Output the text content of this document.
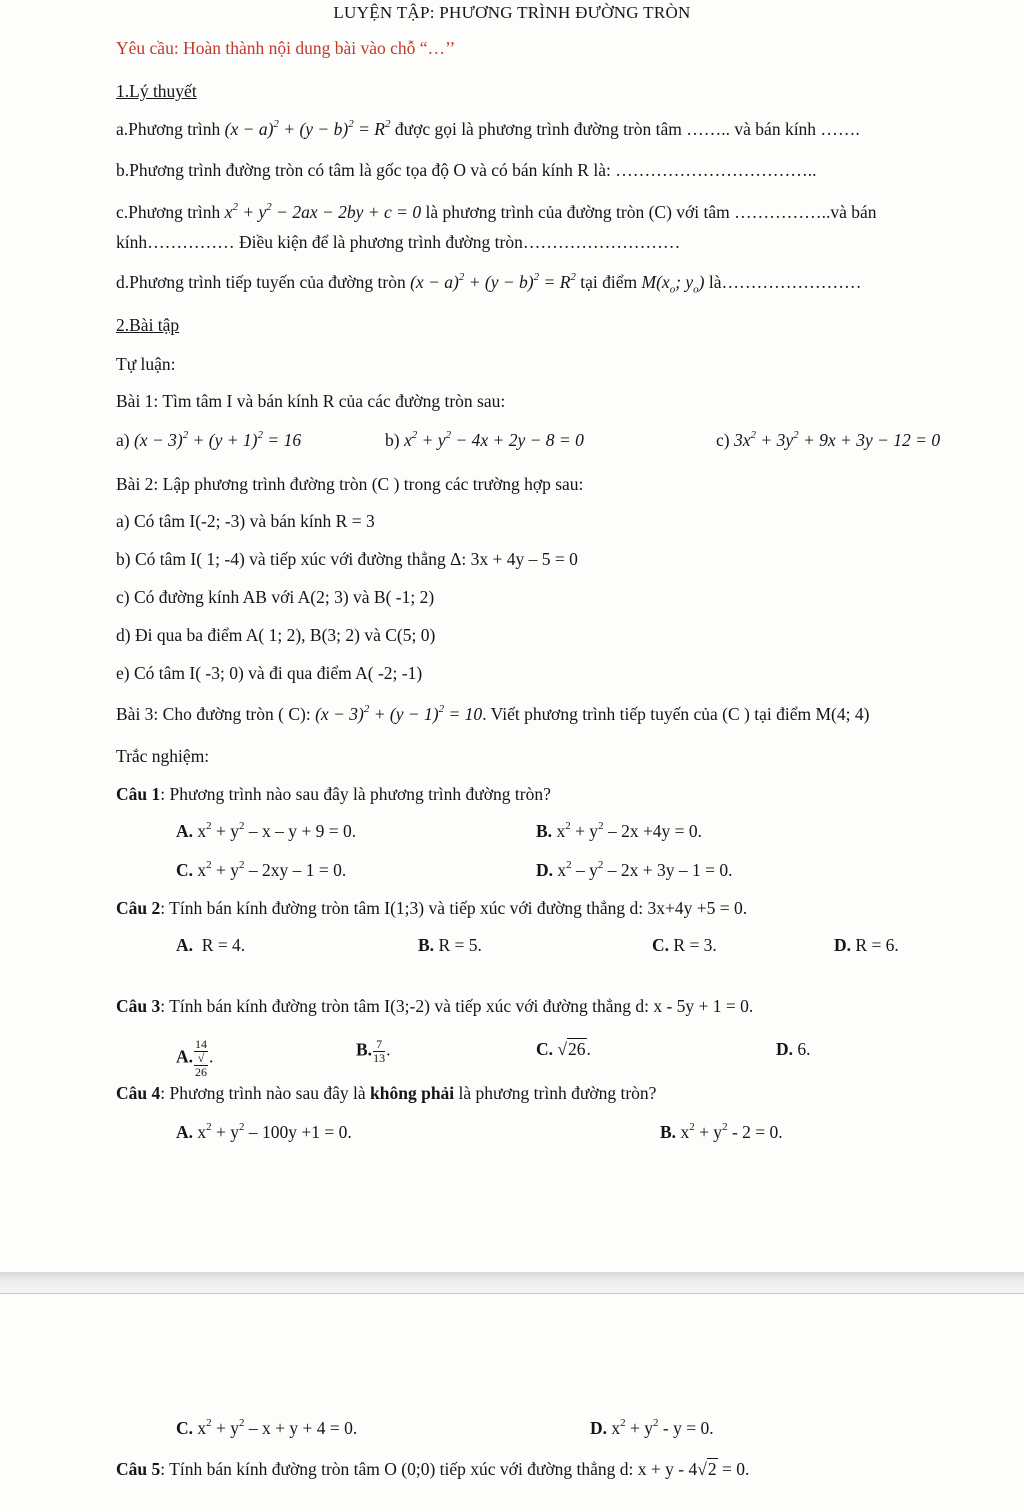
LUYỆN TẬP: PHƯƠNG TRÌNH ĐƯỜNG TRÒN
Yêu cầu: Hoàn thành nội dung bài vào chỗ “…’’
1.Lý thuyết
a.Phương trình $(x - a)^2 + (y - b)^2 = R^2$ được gọi là phương trình đường tròn tâm …….. và bán kính …….
b.Phương trình đường tròn có tâm là gốc tọa độ O và có bán kính R là: ……………………………..
c.Phương trình $x^2 + y^2 - 2ax - 2by + c = 0$ là phương trình của đường tròn (C) với tâm ……………..và bán
kính…………… Điều kiện để là phương trình đường tròn………………………
d.Phương trình tiếp tuyến của đường tròn $(x - a)^2 + (y - b)^2 = R^2$ tại điểm $M(x_o$; $y_o$) là……………………
2.Bài tập
Tự luận:
Bài 1: Tìm tâm I và bán kính R của các đường tròn sau:
a) $(x - 3)^2 + (y + 1)^2 = 16$	b) $x^2 + y^2 - 4x + 2y - 8 = 0$	c) $3x^2 + 3y^2 + 9x + 3y - 12 = 0$
Bài 2: Lập phương trình đường tròn (C ) trong các trường hợp sau:
a) Có tâm I(-2; -3) và bán kính R = 3
b) Có tâm I( 1; -4) và tiếp xúc với đường thẳng Δ: 3x + 4y – 5 = 0
c) Có đường kính AB với A(2; 3) và B( -1; 2)
d) Đi qua ba điểm A( 1; 2), B(3; 2) và C(5; 0)
e) Có tâm I( -3; 0) và đi qua điểm A( -2; -1)
Bài 3: Cho đường tròn ( C): $(x - 3)^2 + (y - 1)^2 = 10$. Viết phương trình tiếp tuyến của (C ) tại điểm M(4; 4)
Trắc nghiệm:
Câu 1: Phương trình nào sau đây là phương trình đường tròn?
A. $x^2 + y^2 - x - y + 9 = 0$.	B. $x^2 + y^2 - 2x +4y = 0$.
C. $x^2 + y^2 - 2xy - 1 = 0$.	D. $x^2 - y^2 - 2x + 3y - 1 = 0$.
Câu 2: Tính bán kính đường tròn tâm I(1;3) và tiếp xúc với đường thẳng d: 3x+4y +5 = 0.
A. R = 4.	B. R = 5.	C. R = 3.	D. R = 6.
Câu 3: Tính bán kính đường tròn tâm I(3;-2) và tiếp xúc với đường thẳng d: x - 5y + 1 = 0.
A. 14
√
26 .	B. $\frac{7}{13}$ .	C. √26.	D. 6.
Câu 4: Phương trình nào sau đây là không phải là phương trình đường tròn?
A. $x^2 + y^2 - 100y +1 = 0$.	B. $x^2 + y^2 - 2 = 0$.
C. $x^2 + y^2 - x + y + 4 = 0$.	D. $x^2 + y^2 - y = 0$.
Câu 5: Tính bán kính đường tròn tâm O (0;0) tiếp xúc với đường thẳng d: x + y - 4√2 = 0.
